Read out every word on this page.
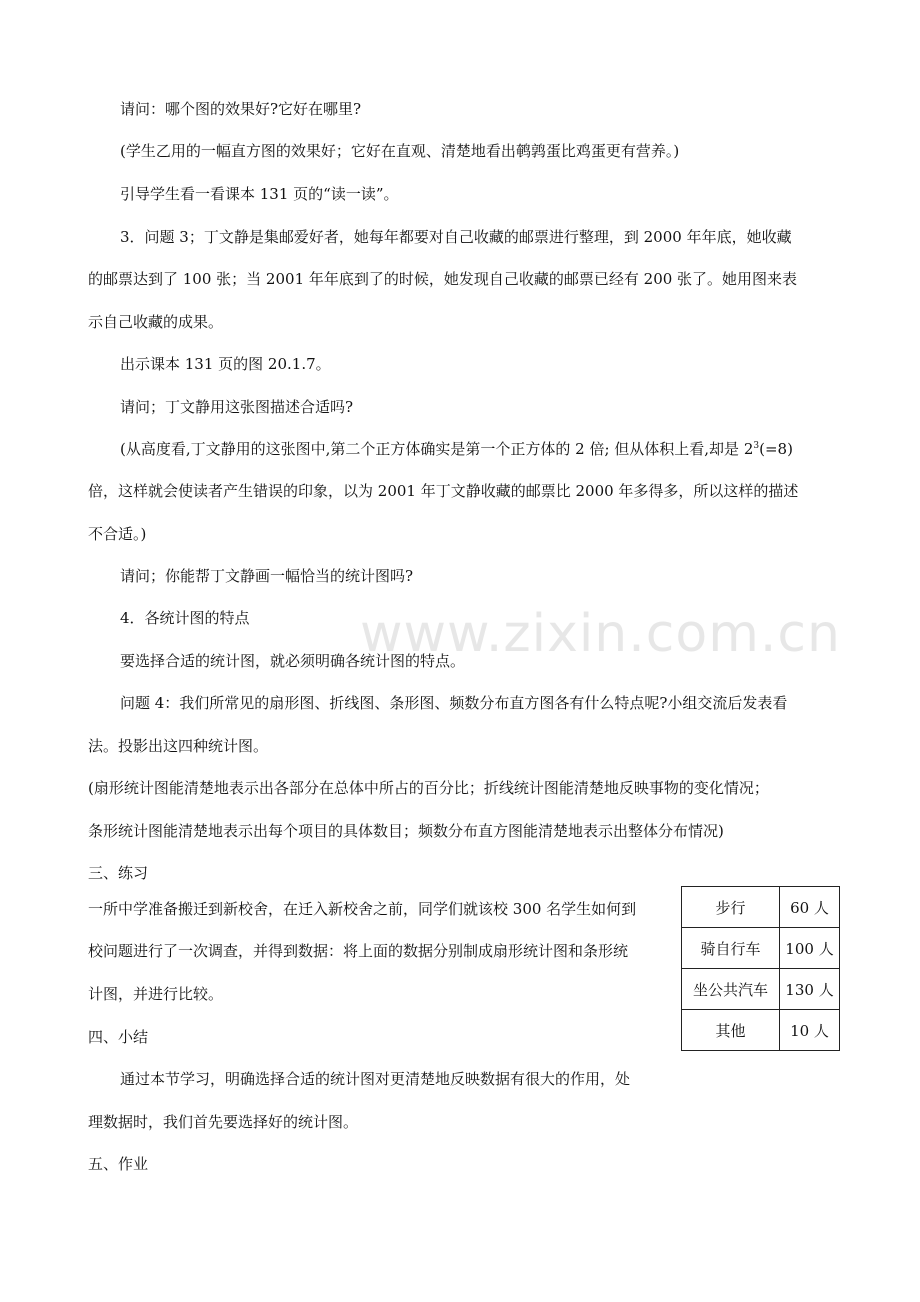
www.zixin.com.cn
请问：哪个图的效果好?它好在哪里?
(学生乙用的一幅直方图的效果好；它好在直观、清楚地看出鹌鹑蛋比鸡蛋更有营养。)
引导学生看一看课本 131 页的“读一读”。
3．问题 3；丁文静是集邮爱好者，她每年都要对自己收藏的邮票进行整理，到 2000 年年底，她收藏
的邮票达到了 100 张；当 2001 年年底到了的时候，她发现自己收藏的邮票已经有 200 张了。她用图来表
示自己收藏的成果。
出示课本 131 页的图 20.1.7。
请问；丁文静用这张图描述合适吗?
(从高度看,丁文静用的这张图中,第二个正方体确实是第一个正方体的 2 倍; 但从体积上看,却是 $2^3(=8)$
倍，这样就会使读者产生错误的印象，以为 2001 年丁文静收藏的邮票比 2000 年多得多，所以这样的描述
不合适。)
请问；你能帮丁文静画一幅恰当的统计图吗?
4．各统计图的特点
要选择合适的统计图，就必须明确各统计图的特点。
问题 4：我们所常见的扇形图、折线图、条形图、频数分布直方图各有什么特点呢?小组交流后发表看
法。投影出这四种统计图。
(扇形统计图能清楚地表示出各部分在总体中所占的百分比；折线统计图能清楚地反映事物的变化情况；
条形统计图能清楚地表示出每个项目的具体数目；频数分布直方图能清楚地表示出整体分布情况)
三、练习
一所中学准备搬迁到新校舍，在迁入新校舍之前，同学们就该校 300 名学生如何到
校问题进行了一次调查，并得到数据：将上面的数据分别制成扇形统计图和条形统
计图，并进行比较。
四、小结
通过本节学习，明确选择合适的统计图对更清楚地反映数据有很大的作用，处
理数据时，我们首先要选择好的统计图。
五、作业
步行	60 人
骑自行车	100 人
坐公共汽车	130 人
其他	10 人
